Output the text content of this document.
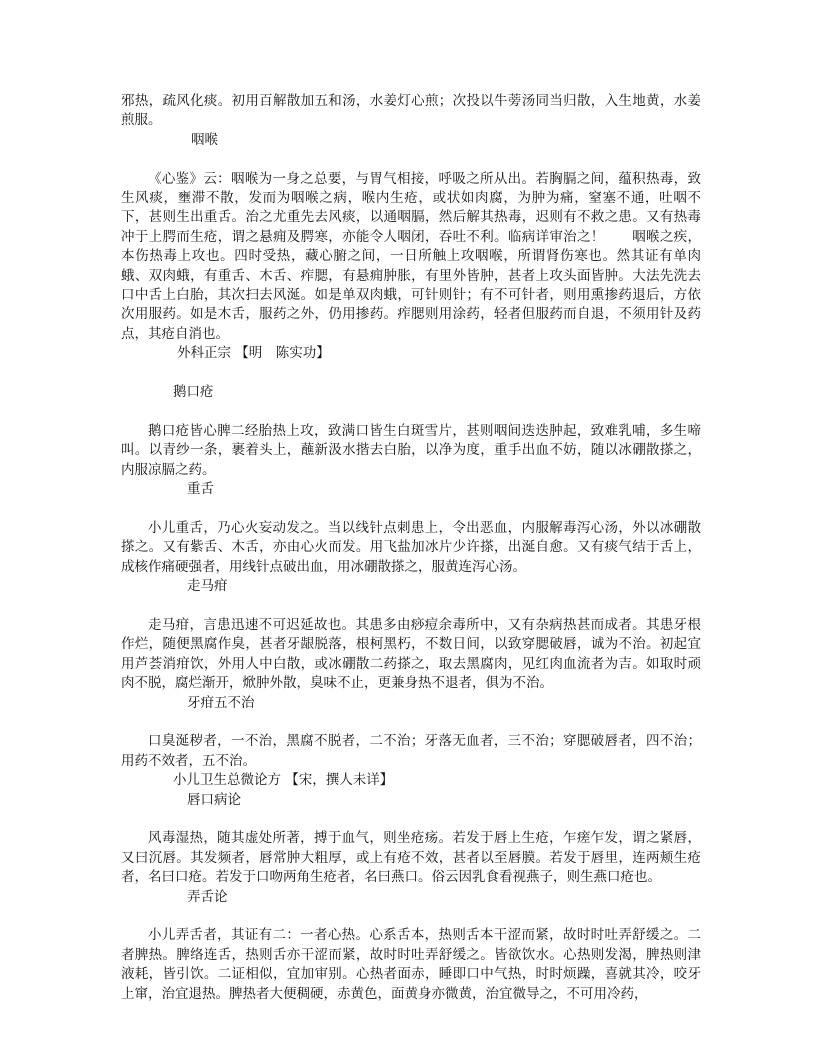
邪热，疏风化痰。初用百解散加五和汤，水姜灯心煎；次投以牛蒡汤同当归散，入生地黄，水姜煎服。

咽喉

《心鉴》云：咽喉为一身之总要，与胃气相接，呼吸之所从出。若胸膈之间，蕴积热毒，致生风痰，壅滞不散，发而为咽喉之病，喉内生疮，或状如肉腐，为肿为痛，窒塞不通，吐咽不下，甚则生出重舌。治之尤重先去风痰，以通咽膈，然后解其热毒，迟则有不救之患。又有热毒冲于上腭而生疮，谓之悬痈及腭寒，亦能令人咽闭，吞吐不利。临病详审治之！　　咽喉之疾，本伤热毒上攻也。四时受热，藏心腑之间，一日所触上攻咽喉，所谓肾伤寒也。然其证有单肉蛾、双肉蛾，有重舌、木舌、痄腮，有悬痈肿胀，有里外皆肿，甚者上攻头面皆肿。大法先洗去口中舌上白胎，其次扫去风涎。如是单双肉蛾，可针则针；有不可针者，则用熏掺药退后，方依次用服药。如是木舌，服药之外，仍用掺药。痄腮则用涂药，轻者但服药而自退，不须用针及药点，其疮自消也。

外科正宗 【明　陈实功】

鹅口疮

鹅口疮皆心脾二经胎热上攻，致满口皆生白斑雪片，甚则咽间迭迭肿起，致难乳哺，多生啼叫。以青纱一条，裹着头上，蘸新汲水揩去白胎，以净为度，重手出血不妨，随以冰硼散搽之，内服凉膈之药。

重舌

小儿重舌，乃心火妄动发之。当以线针点刺患上，令出恶血，内服解毒泻心汤，外以冰硼散搽之。又有紫舌、木舌，亦由心火而发。用飞盐加冰片少许搽，出涎自愈。又有痰气结于舌上，成核作痛硬强者，用线针点破出血，用冰硼散搽之，服黄连泻心汤。

走马疳

走马疳，言患迅速不可迟延故也。其患多由痧痘余毒所中，又有杂病热甚而成者。其患牙根作烂，随便黑腐作臭，甚者牙龈脱落，根柯黑朽，不数日间，以致穿腮破唇，诚为不治。初起宜用芦荟消疳饮，外用人中白散，或冰硼散二药搽之，取去黑腐肉，见红肉血流者为吉。如取时顽肉不脱，腐烂渐开，焮肿外散，臭味不止，更兼身热不退者，俱为不治。

牙疳五不治

口臭涎秽者，一不治，黑腐不脱者，二不治；牙落无血者，三不治；穿腮破唇者，四不治；用药不效者，五不治。

小儿卫生总微论方 【宋，撰人未详】

唇口病论

风毒湿热，随其虚处所著，搏于血气，则坐疮疡。若发于唇上生疮，乍瘥乍发，谓之紧唇，又曰沉唇。其发频者，唇常肿大粗厚，或上有疮不效，甚者以至唇膜。若发于唇里，连两颊生疮者，名曰口疮。若发于口吻两角生疮者，名曰燕口。俗云因乳食看视燕子，则生燕口疮也。

弄舌论

小儿弄舌者，其证有二：一者心热。心系舌本，热则舌本干涩而紧，故时时吐弄舒缓之。二者脾热。脾络连舌，热则舌亦干涩而紧，故时时吐弄舒缓之。皆欲饮水。心热则发渴，脾热则津液耗，皆引饮。二证相似，宜加审别。心热者面赤，睡即口中气热，时时烦躁，喜就其冷，咬牙上窜，治宜退热。脾热者大便稠硬，赤黄色，面黄身亦微黄，治宜微导之，不可用冷药，
